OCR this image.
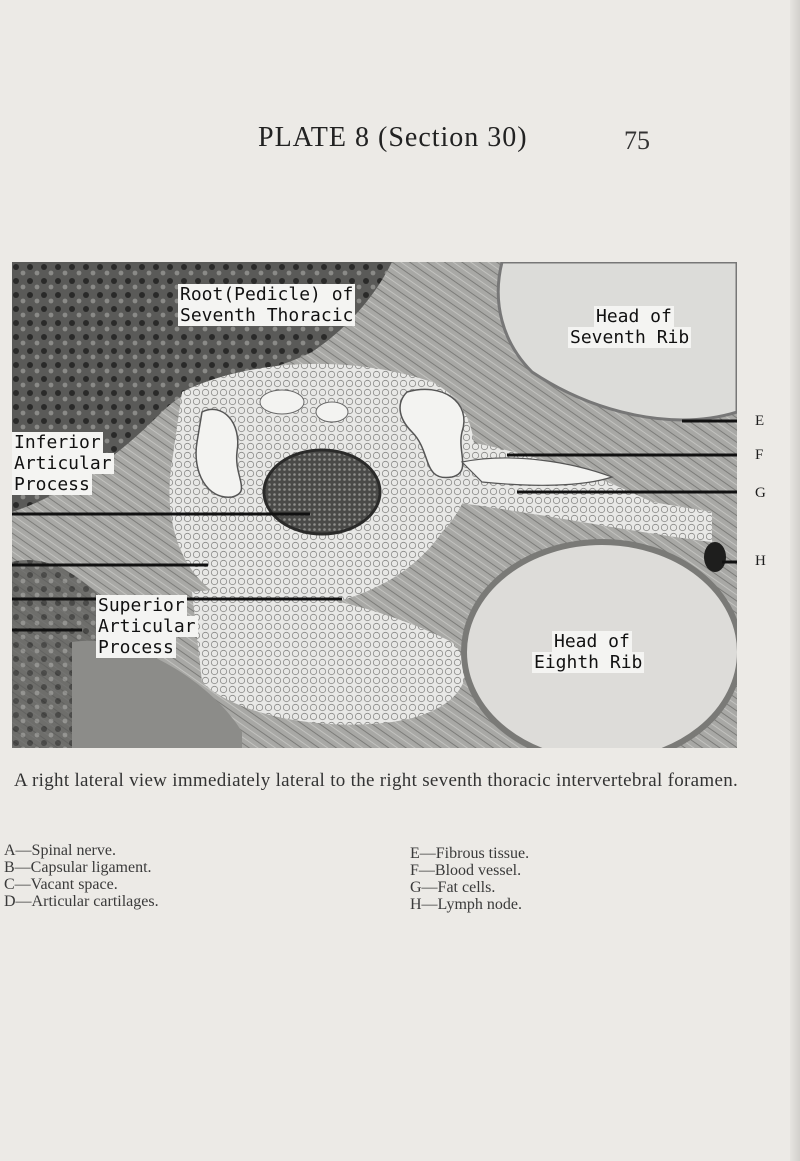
PLATE 8 (Section 30)	75
Root(Pedicle) of
Seventh Thoracic	Head of
Seventh Rib
Inferior
Articular
Process
Superior
Articular
Process	Head of
Eighth Rib
E
F
G
H
A right lateral view immediately lateral to the right seventh thoracic intervertebral foramen.
A—Spinal nerve.
B—Capsular ligament.
C—Vacant space.
D—Articular cartilages.
E—Fibrous tissue.
F—Blood vessel.
G—Fat cells.
H—Lymph node.
